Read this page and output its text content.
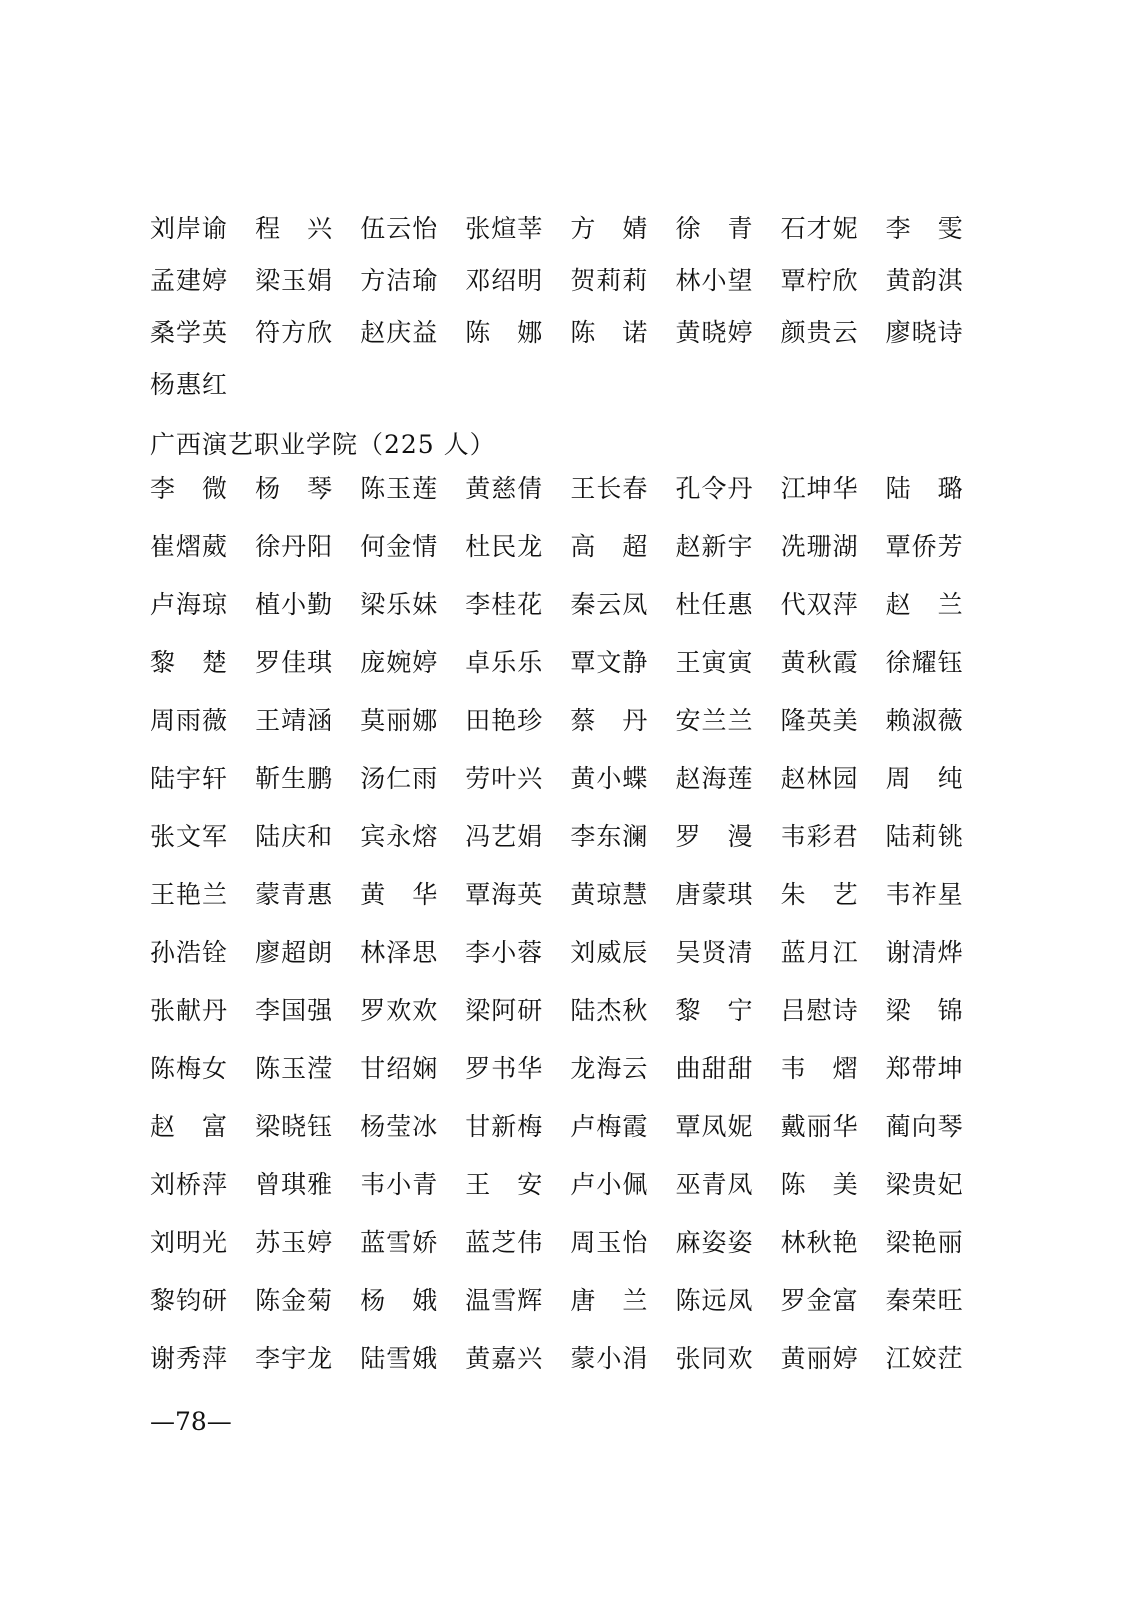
刘岸谕	程　兴	伍云怡	张煊莘	方　婧	徐　青	石才妮	李　雯
孟建婷	梁玉娟	方洁瑜	邓绍明	贺莉莉	林小望	覃柠欣	黄韵淇
桑学英	符方欣	赵庆益	陈　娜	陈　诺	黄晓婷	颜贵云	廖晓诗
杨惠红
广西演艺职业学院（225 人）
李　微	杨　琴	陈玉莲	黄慈倩	王长春	孔令丹	江坤华	陆　璐
崔熠葳	徐丹阳	何金情	杜民龙	高　超	赵新宇	冼珊湖	覃侨芳
卢海琼	植小勤	梁乐妹	李桂花	秦云凤	杜任惠	代双萍	赵　兰
黎　楚	罗佳琪	庞婉婷	卓乐乐	覃文静	王寅寅	黄秋霞	徐耀钰
周雨薇	王靖涵	莫丽娜	田艳珍	蔡　丹	安兰兰	隆英美	赖淑薇
陆宇轩	靳生鹏	汤仁雨	劳叶兴	黄小蝶	赵海莲	赵林园	周　纯
张文军	陆庆和	宾永熔	冯艺娟	李东澜	罗　漫	韦彩君	陆莉铫
王艳兰	蒙青惠	黄　华	覃海英	黄琼慧	唐蒙琪	朱　艺	韦祚星
孙浩铨	廖超朗	林泽思	李小蓉	刘威辰	吴贤清	蓝月江	谢清烨
张献丹	李国强	罗欢欢	梁阿研	陆杰秋	黎　宁	吕慰诗	梁　锦
陈梅女	陈玉滢	甘绍娴	罗书华	龙海云	曲甜甜	韦　熠	郑带坤
赵　富	梁晓钰	杨莹冰	甘新梅	卢梅霞	覃凤妮	戴丽华	蔺向琴
刘桥萍	曾琪雅	韦小青	王　安	卢小佩	巫青凤	陈　美	梁贵妃
刘明光	苏玉婷	蓝雪娇	蓝芝伟	周玉怡	麻姿姿	林秋艳	梁艳丽
黎钧研	陈金菊	杨　娥	温雪辉	唐　兰	陈远凤	罗金富	秦荣旺
谢秀萍	李宇龙	陆雪娥	黄嘉兴	蒙小涓	张同欢	黄丽婷	江姣茳
—78—
